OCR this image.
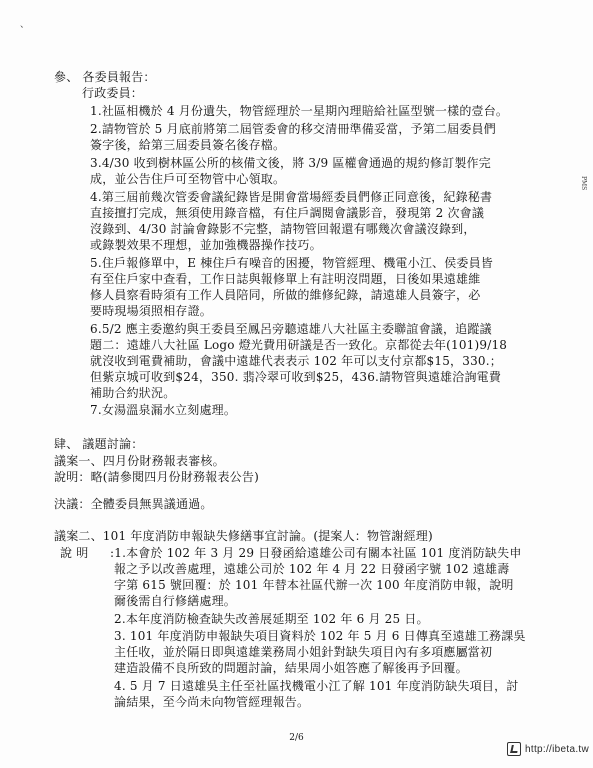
、
PMS
參、 各委員報告：
行政委員：
1.社區相機於 4 月份遺失，物管經理於一星期內理賠給社區型號一樣的壹台。
2.請物管於 5 月底前將第二屆管委會的移交清冊準備妥當，予第二屆委員們
簽字後，給第三屆委員簽名後存檔。
3.4/30 收到樹林區公所的核備文後，將 3/9 區權會通過的規約修訂製作完
成，並公告住戶可至物管中心領取。
4.第三屆前幾次管委會議紀錄皆是開會當場經委員們修正同意後，紀錄秘書
直接擅打完成，無須使用錄音檔，有住戶調閱會議影音，發現第 2 次會議
沒錄到、4/30 討論會錄影不完整，請物管回報還有哪幾次會議沒錄到，
或錄製效果不理想，並加強機器操作技巧。
5.住戶報修單中，E 棟住戶有噪音的困擾，物管經理、機電小江、侯委員皆
有至住戶家中查看，工作日誌與報修單上有註明沒問題，日後如果遠雄維
修人員察看時須有工作人員陪同，所做的維修紀錄，請遠雄人員簽字，必
要時現場須照相存證。
6.5/2 應主委邀約與王委員至鳳呂旁聽遠雄八大社區主委聯誼會議，追蹤議
題二：遠雄八大社區 Logo 燈光費用研議是否一致化。京都從去年(101)9/18
就沒收到電費補助，會議中遠雄代表表示 102 年可以支付京都$15，330.；
但紫京城可收到$24，350. 翡冷翠可收到$25，436.請物管與遠雄洽詢電費
補助合約狀況。
7.女湯溫泉漏水立刻處理。
肆、 議題討論：
議案一、四月份財務報表審核。
說明：略(請參閱四月份財務報表公告)
決議：全體委員無異議通過。
議案二、101 年度消防申報缺失修繕事宜討論。(提案人：物管謝經理)
說 明 :1.本會於 102 年 3 月 29 日發函給遠雄公司有關本社區 101 度消防缺失申
報之予以改善處理，遠雄公司於 102 年 4 月 22 日發函字號 102 遠雄壽
字第 615 號回覆：於 101 年替本社區代辦一次 100 年度消防申報，說明
爾後需自行修繕處理。
2.本年度消防檢查缺失改善展延期至 102 年 6 月 25 日。
3. 101 年度消防申報缺失項目資料於 102 年 5 月 6 日傳真至遠雄工務課吳
主任收，並於隔日即與遠雄業務周小姐針對缺失項目內有多項應屬當初
建造設備不良所致的問題討論，結果周小姐答應了解後再予回覆。
4. 5 月 7 日遠雄吳主任至社區找機電小江了解 101 年度消防缺失項目，討
論結果，至今尚未向物管經理報告。
2/6
http://ibeta.tw
